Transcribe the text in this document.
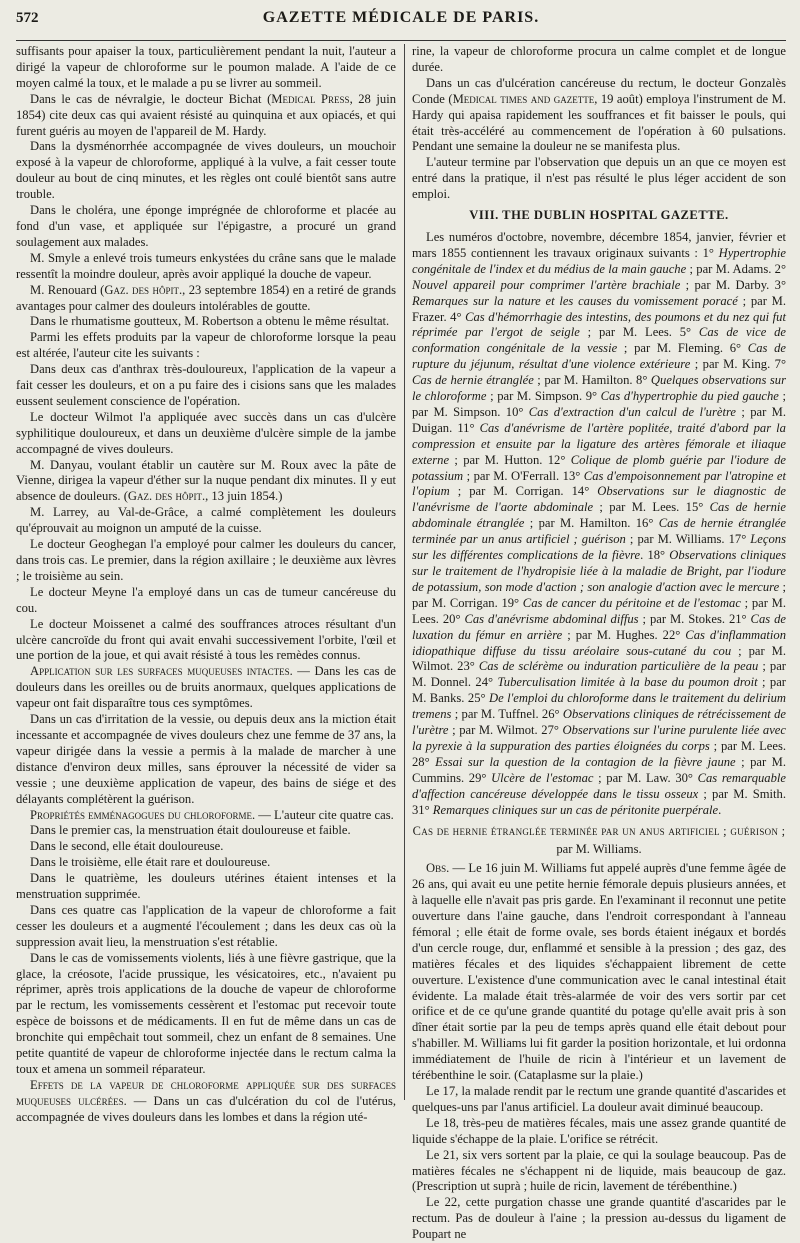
572	GAZETTE MÉDICALE DE PARIS.

suffisants pour apaiser la toux, particulièrement pendant la nuit, l'auteur a dirigé la vapeur de chloroforme sur le poumon malade. A l'aide de ce moyen calmé la toux, et le malade a pu se livrer au sommeil.

Dans le cas de névralgie, le docteur Bichat (Medical Press, 28 juin 1854) cite deux cas qui avaient résisté au quinquina et aux opiacés, et qui furent guéris au moyen de l'appareil de M. Hardy.

Dans la dysménorrhée accompagnée de vives douleurs, un mouchoir exposé à la vapeur de chloroforme, appliqué à la vulve, a fait cesser toute douleur au bout de cinq minutes, et les règles ont coulé bientôt sans autre trouble.

Dans le choléra, une éponge imprégnée de chloroforme et placée au fond d'un vase, et appliquée sur l'épigastre, a procuré un grand soulagement aux malades.

M. Smyle a enlevé trois tumeurs enkystées du crâne sans que le malade ressentît la moindre douleur, après avoir appliqué la douche de vapeur.

M. Renouard (Gaz. des hôpit., 23 septembre 1854) en a retiré de grands avantages pour calmer des douleurs intolérables de goutte.

Dans le rhumatisme goutteux, M. Robertson a obtenu le même résultat.

Parmi les effets produits par la vapeur de chloroforme lorsque la peau est altérée, l'auteur cite les suivants :

Dans deux cas d'anthrax très-douloureux, l'application de la vapeur a fait cesser les douleurs, et on a pu faire des i cisions sans que les malades eussent seulement conscience de l'opération.

Le docteur Wilmot l'a appliquée avec succès dans un cas d'ulcère syphilitique douloureux, et dans un deuxième d'ulcère simple de la jambe accompagné de vives douleurs.

M. Danyau, voulant établir un cautère sur M. Roux avec la pâte de Vienne, dirigea la vapeur d'éther sur la nuque pendant dix minutes. Il y eut absence de douleurs. (Gaz. des hôpit., 13 juin 1854.)

M. Larrey, au Val-de-Grâce, a calmé complètement les douleurs qu'éprouvait au moignon un amputé de la cuisse.

Le docteur Geoghegan l'a employé pour calmer les douleurs du cancer, dans trois cas. Le premier, dans la région axillaire ; le deuxième aux lèvres ; le troisième au sein.

Le docteur Meyne l'a employé dans un cas de tumeur cancéreuse du cou.

Le docteur Moissenet a calmé des souffrances atroces résultant d'un ulcère cancroïde du front qui avait envahi successivement l'orbite, l'œil et une portion de la joue, et qui avait résisté à tous les remèdes connus.

Application sur les surfaces muqueuses intactes. — Dans les cas de douleurs dans les oreilles ou de bruits anormaux, quelques applications de vapeur ont fait disparaître tous ces symptômes.

Dans un cas d'irritation de la vessie, ou depuis deux ans la miction était incessante et accompagnée de vives douleurs chez une femme de 37 ans, la vapeur dirigée dans la vessie a permis à la malade de marcher à une distance d'environ deux milles, sans éprouver la nécessité de vider sa vessie ; une deuxième application de vapeur, des bains de siége et des délayants complétèrent la guérison.

Propriétés emménagogues du chloroforme. — L'auteur cite quatre cas.

Dans le premier cas, la menstruation était douloureuse et faible.

Dans le second, elle était douloureuse.

Dans le troisième, elle était rare et douloureuse.

Dans le quatrième, les douleurs utérines étaient intenses et la menstruation supprimée.

Dans ces quatre cas l'application de la vapeur de chloroforme a fait cesser les douleurs et a augmenté l'écoulement ; dans les deux cas où la suppression avait lieu, la menstruation s'est rétablie.

Dans le cas de vomissements violents, liés à une fièvre gastrique, que la glace, la créosote, l'acide prussique, les vésicatoires, etc., n'avaient pu réprimer, après trois applications de la douche de vapeur de chloroforme par le rectum, les vomissements cessèrent et l'estomac put recevoir toute espèce de boissons et de médicaments. Il en fut de même dans un cas de bronchite qui empêchait tout sommeil, chez un enfant de 8 semaines. Une petite quantité de vapeur de chloroforme injectée dans le rectum calma la toux et amena un sommeil réparateur.

Effets de la vapeur de chloroforme appliquée sur des surfaces muqueuses ulcérées. — Dans un cas d'ulcération du col de l'utérus, accompagnée de vives douleurs dans les lombes et dans la région uté-

rine, la vapeur de chloroforme procura un calme complet et de longue durée.

Dans un cas d'ulcération cancéreuse du rectum, le docteur Gonzalès Conde (Medical times and gazette, 19 août) employa l'instrument de M. Hardy qui apaisa rapidement les souffrances et fit baisser le pouls, qui était très-accéléré au commencement de l'opération à 60 pulsations. Pendant une semaine la douleur ne se manifesta plus.

L'auteur termine par l'observation que depuis un an que ce moyen est entré dans la pratique, il n'est pas résulté le plus léger accident de son emploi.

VIII. THE DUBLIN HOSPITAL GAZETTE.

Les numéros d'octobre, novembre, décembre 1854, janvier, février et mars 1855 contiennent les travaux originaux suivants : 1° Hypertrophie congénitale de l'index et du médius de la main gauche ; par M. Adams. 2° Nouvel appareil pour comprimer l'artère brachiale ; par M. Darby. 3° Remarques sur la nature et les causes du vomissement poracé ; par M. Frazer. 4° Cas d'hémorrhagie des intestins, des poumons et du nez qui fut réprimée par l'ergot de seigle ; par M. Lees. 5° Cas de vice de conformation congénitale de la vessie ; par M. Fleming. 6° Cas de rupture du jéjunum, résultat d'une violence extérieure ; par M. King. 7° Cas de hernie étranglée ; par M. Hamilton. 8° Quelques observations sur le chloroforme ; par M. Simpson. 9° Cas d'hypertrophie du pied gauche ; par M. Simpson. 10° Cas d'extraction d'un calcul de l'urètre ; par M. Duigan. 11° Cas d'anévrisme de l'artère poplitée, traité d'abord par la compression et ensuite par la ligature des artères fémorale et iliaque externe ; par M. Hutton. 12° Colique de plomb guérie par l'iodure de potassium ; par M. O'Ferrall. 13° Cas d'empoisonnement par l'atropine et l'opium ; par M. Corrigan. 14° Observations sur le diagnostic de l'anévrisme de l'aorte abdominale ; par M. Lees. 15° Cas de hernie abdominale étranglée ; par M. Hamilton. 16° Cas de hernie étranglée terminée par un anus artificiel ; guérison ; par M. Williams. 17° Leçons sur les différentes complications de la fièvre. 18° Observations cliniques sur le traitement de l'hydropisie liée à la maladie de Bright, par l'iodure de potassium, son mode d'action ; son analogie d'action avec le mercure ; par M. Corrigan. 19° Cas de cancer du péritoine et de l'estomac ; par M. Lees. 20° Cas d'anévrisme abdominal diffus ; par M. Stokes. 21° Cas de luxation du fémur en arrière ; par M. Hughes. 22° Cas d'inflammation idiopathique diffuse du tissu aréolaire sous-cutané du cou ; par M. Wilmot. 23° Cas de sclérème ou induration particulière de la peau ; par M. Donnel. 24° Tuberculisation limitée à la base du poumon droit ; par M. Banks. 25° De l'emploi du chloroforme dans le traitement du delirium tremens ; par M. Tuffnel. 26° Observations cliniques de rétrécissement de l'urètre ; par M. Wilmot. 27° Observations sur l'urine purulente liée avec la pyrexie à la suppuration des parties éloignées du corps ; par M. Lees. 28° Essai sur la question de la contagion de la fièvre jaune ; par M. Cummins. 29° Ulcère de l'estomac ; par M. Law. 30° Cas remarquable d'affection cancéreuse développée dans le tissu osseux ; par M. Smith. 31° Remarques cliniques sur un cas de péritonite puerpérale.

Cas de hernie étranglée terminée par un anus artificiel ; guérison ;
par M. Williams.

Obs. — Le 16 juin M. Williams fut appelé auprès d'une femme âgée de 26 ans, qui avait eu une petite hernie fémorale depuis plusieurs années, et à laquelle elle n'avait pas pris garde. En l'examinant il reconnut une petite ouverture dans l'aine gauche, dans l'endroit correspondant à l'anneau fémoral ; elle était de forme ovale, ses bords étaient inégaux et bordés d'un cercle rouge, dur, enflammé et sensible à la pression ; des gaz, des matières fécales et des liquides s'échappaient librement de cette ouverture. L'existence d'une communication avec le canal intestinal était évidente. La malade était très-alarmée de voir des vers sortir par cet orifice et de ce qu'une grande quantité du potage qu'elle avait pris à son dîner était sortie par la peu de temps après quand elle était debout pour s'habiller. M. Williams lui fit garder la position horizontale, et lui ordonna immédiatement de l'huile de ricin à l'intérieur et un lavement de térébenthine le soir. (Cataplasme sur la plaie.)

Le 17, la malade rendit par le rectum une grande quantité d'ascarides et quelques-uns par l'anus artificiel. La douleur avait diminué beaucoup.

Le 18, très-peu de matières fécales, mais une assez grande quantité de liquide s'échappe de la plaie. L'orifice se rétrécit.

Le 21, six vers sortent par la plaie, ce qui la soulage beaucoup. Pas de matières fécales ne s'échappent ni de liquide, mais beaucoup de gaz. (Prescription ut suprà ; huile de ricin, lavement de térébenthine.)

Le 22, cette purgation chasse une grande quantité d'ascarides par le rectum. Pas de douleur à l'aine ; la pression au-dessus du ligament de Poupart ne
